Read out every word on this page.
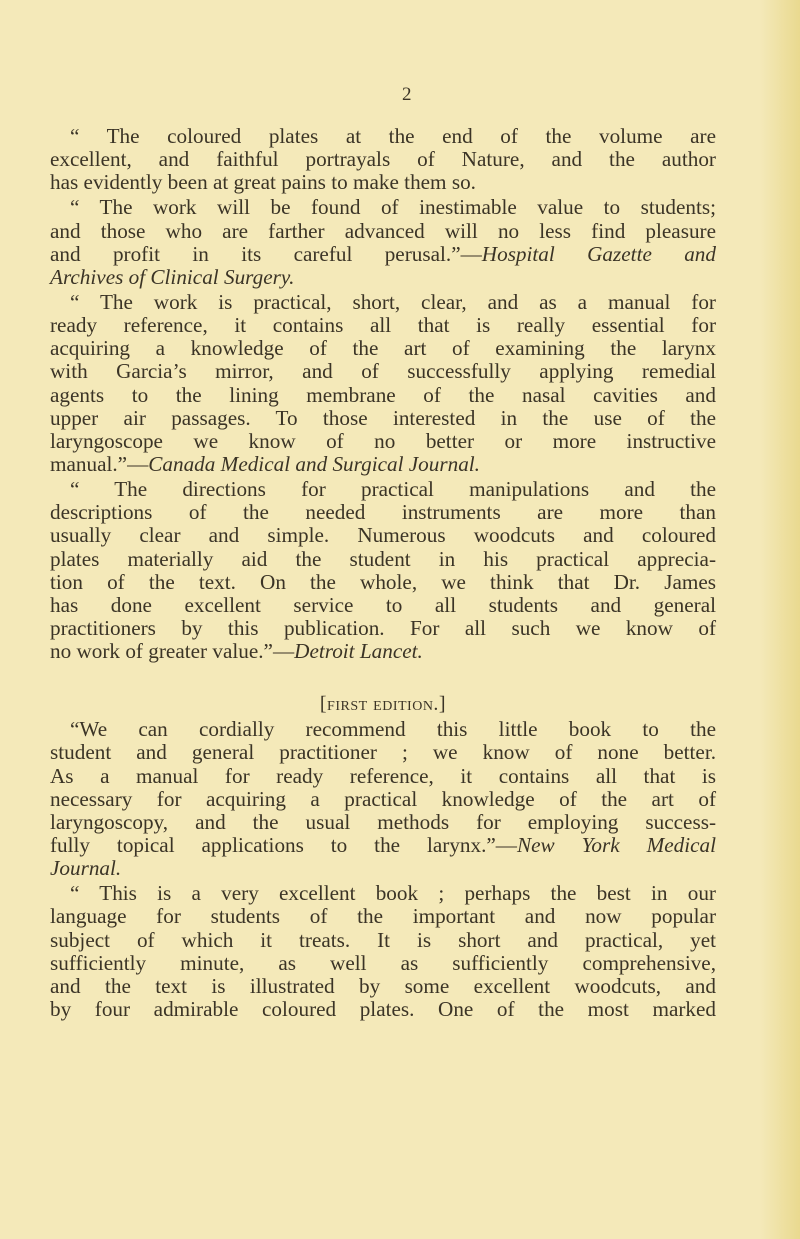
2
“ The coloured plates at the end of the volume are
excellent, and faithful portrayals of Nature, and the author
has evidently been at great pains to make them so.
“ The work will be found of inestimable value to students;
and those who are farther advanced will no less find pleasure
and profit in its careful perusal.”—Hospital Gazette and
Archives of Clinical Surgery.
“ The work is practical, short, clear, and as a manual for
ready reference, it contains all that is really essential for
acquiring a knowledge of the art of examining the larynx
with Garcia’s mirror, and of successfully applying remedial
agents to the lining membrane of the nasal cavities and
upper air passages. To those interested in the use of the
laryngoscope we know of no better or more instructive
manual.”—Canada Medical and Surgical Journal.
“ The directions for practical manipulations and the
descriptions of the needed instruments are more than
usually clear and simple. Numerous woodcuts and coloured
plates materially aid the student in his practical apprecia-
tion of the text. On the whole, we think that Dr. James
has done excellent service to all students and general
practitioners by this publication. For all such we know of
no work of greater value.”—Detroit Lancet.
[first edition.]
“We can cordially recommend this little book to the
student and general practitioner ; we know of none better.
As a manual for ready reference, it contains all that is
necessary for acquiring a practical knowledge of the art of
laryngoscopy, and the usual methods for employing success-
fully topical applications to the larynx.”—New York Medical
Journal.
“ This is a very excellent book ; perhaps the best in our
language for students of the important and now popular
subject of which it treats. It is short and practical, yet
sufficiently minute, as well as sufficiently comprehensive,
and the text is illustrated by some excellent woodcuts, and
by four admirable coloured plates. One of the most marked
